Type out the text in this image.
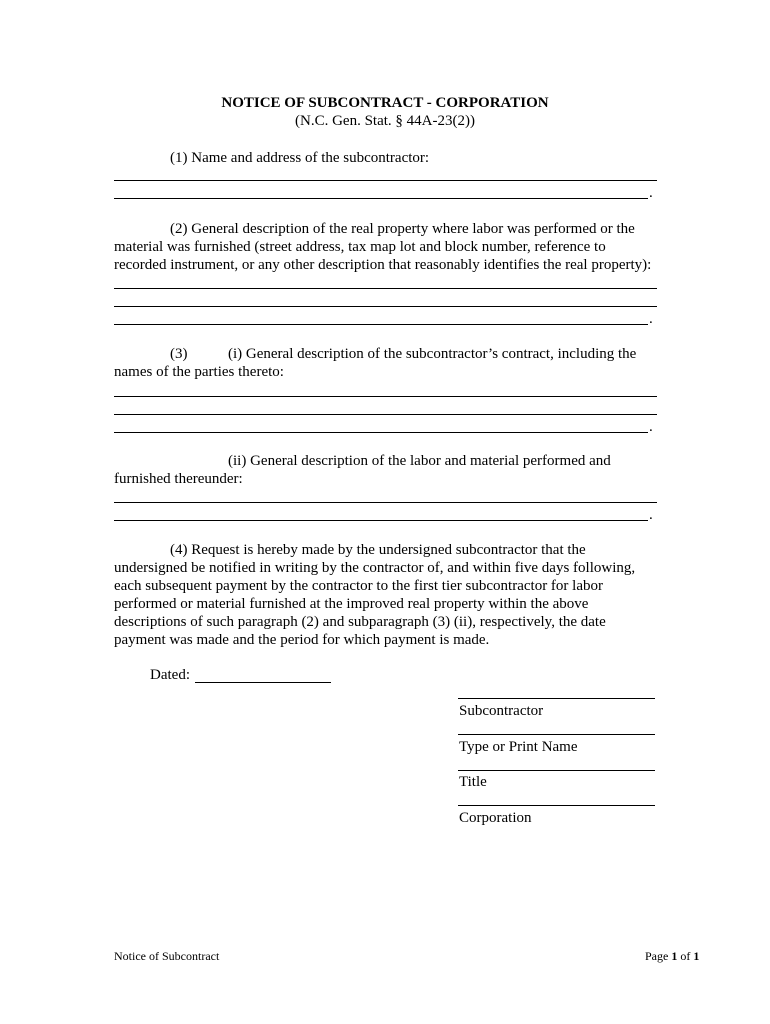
NOTICE OF SUBCONTRACT - CORPORATION
(N.C. Gen. Stat. § 44A-23(2))
(1) Name and address of the subcontractor:
.
(2) General description of the real property where labor was performed or the
material was furnished (street address, tax map lot and block number, reference to
recorded instrument, or any other description that reasonably identifies the real property):
.
(3)	(i) General description of the subcontractor’s contract, including the
names of the parties thereto:
.
(ii) General description of the labor and material performed and
furnished thereunder:
.
(4) Request is hereby made by the undersigned subcontractor that the
undersigned be notified in writing by the contractor of, and within five days following,
each subsequent payment by the contractor to the first tier subcontractor for labor
performed or material furnished at the improved real property within the above
descriptions of such paragraph (2) and subparagraph (3) (ii), respectively, the date
payment was made and the period for which payment is made.
Dated:
Subcontractor
Type or Print Name
Title
Corporation
Notice of Subcontract	Page 1 of 1
